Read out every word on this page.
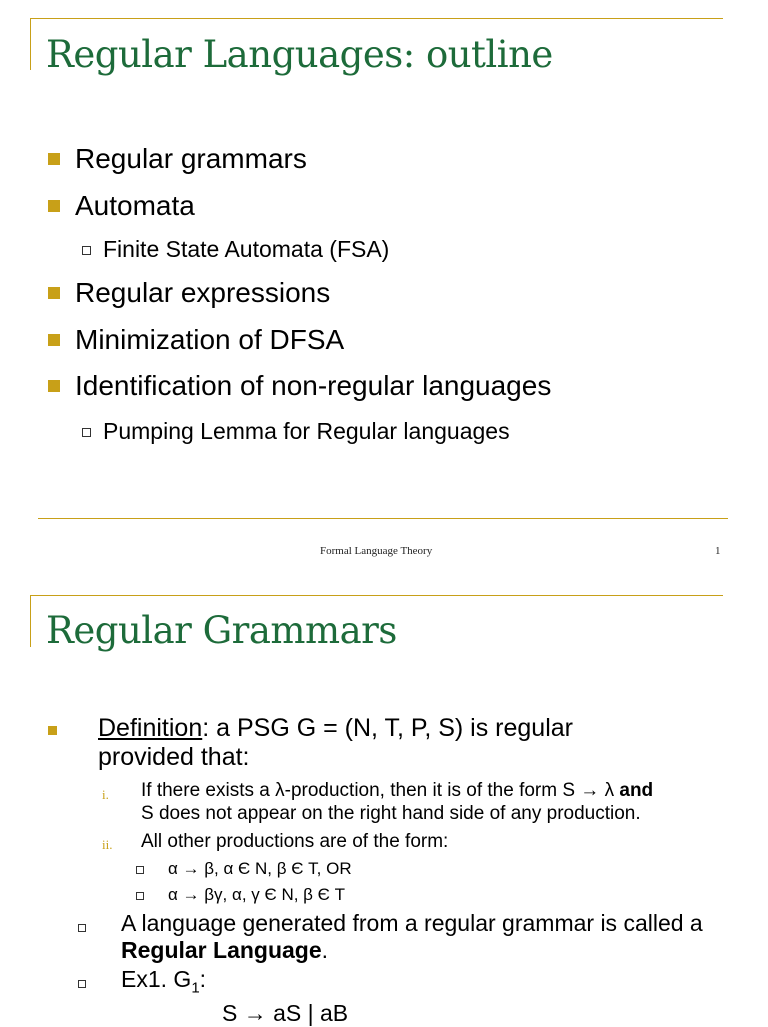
Regular Languages: outline
Regular grammars
Automata
Finite State Automata (FSA)
Regular expressions
Minimization of DFSA
Identification of non-regular languages
Pumping Lemma for Regular languages
Formal Language Theory	1
Regular Grammars
Definition: a PSG G = (N, T, P, S) is regular
provided that:
i. If there exists a λ-production, then it is of the form S → λ and
S does not appear on the right hand side of any production.
ii. All other productions are of the form:
α → β, α Є N, β Є T, OR
α → βγ, α, γ Є N, β Є T
A language generated from a regular grammar is called a
Regular Language.
Ex1. $G_1$:
S → aS | aB
